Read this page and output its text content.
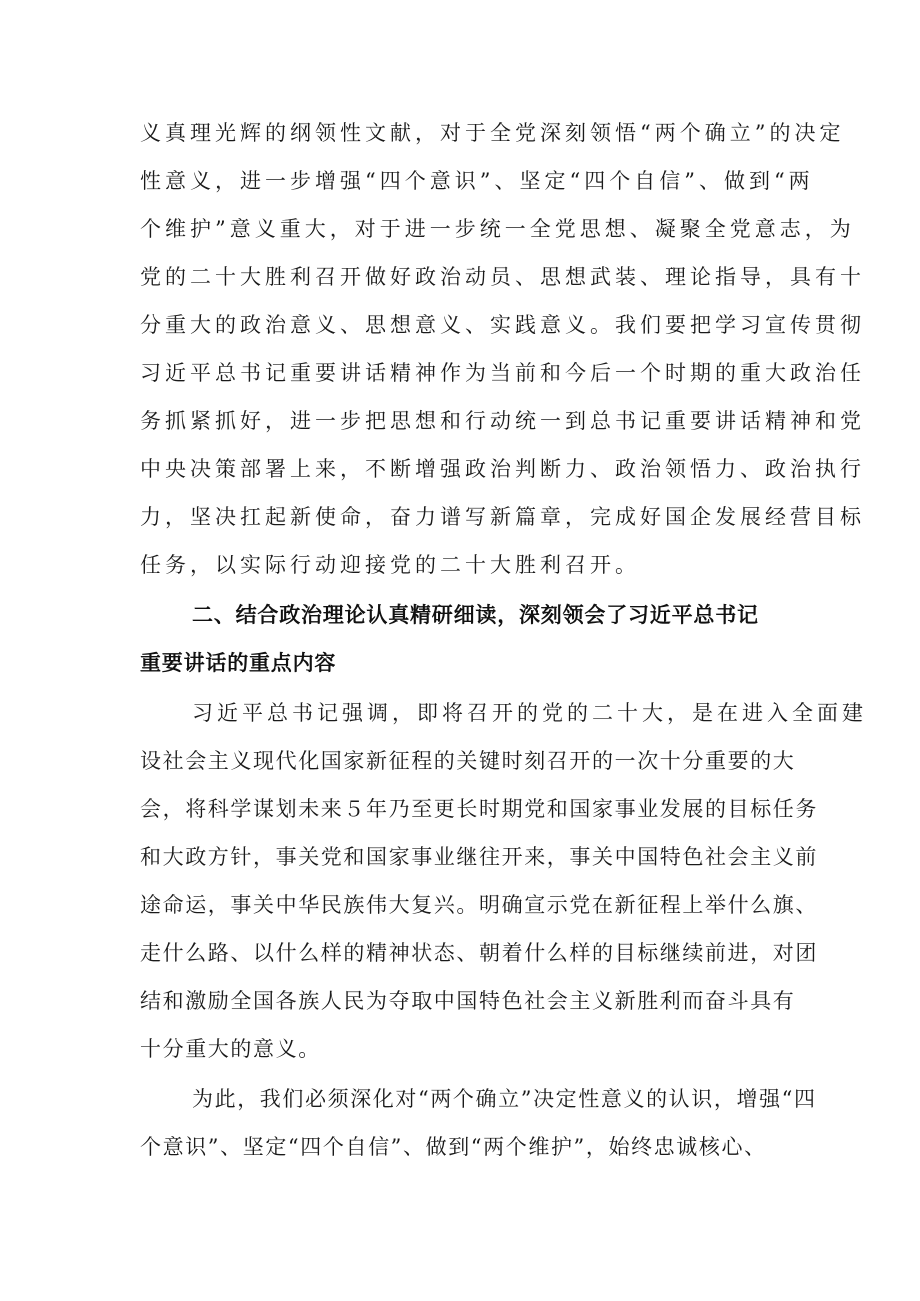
义真理光辉的纲领性文献，对于全党深刻领悟“两个确立”的决定
性意义，进一步增强“四个意识”、坚定“四个自信”、做到“两
个维护”意义重大，对于进一步统一全党思想、凝聚全党意志，为
党的二十大胜利召开做好政治动员、思想武装、理论指导，具有十
分重大的政治意义、思想意义、实践意义。我们要把学习宣传贯彻
习近平总书记重要讲话精神作为当前和今后一个时期的重大政治任
务抓紧抓好，进一步把思想和行动统一到总书记重要讲话精神和党
中央决策部署上来，不断增强政治判断力、政治领悟力、政治执行
力，坚决扛起新使命，奋力谱写新篇章，完成好国企发展经营目标
任务，以实际行动迎接党的二十大胜利召开。
二、结合政治理论认真精研细读，深刻领会了习近平总书记
重要讲话的重点内容
习近平总书记强调，即将召开的党的二十大，是在进入全面建
设社会主义现代化国家新征程的关键时刻召开的一次十分重要的大
会，将科学谋划未来５年乃至更长时期党和国家事业发展的目标任务
和大政方针，事关党和国家事业继往开来，事关中国特色社会主义前
途命运，事关中华民族伟大复兴。明确宣示党在新征程上举什么旗、
走什么路、以什么样的精神状态、朝着什么样的目标继续前进，对团
结和激励全国各族人民为夺取中国特色社会主义新胜利而奋斗具有
十分重大的意义。
为此，我们必须深化对“两个确立”决定性意义的认识，增强“四
个意识”、坚定“四个自信”、做到“两个维护”，始终忠诚核心、
